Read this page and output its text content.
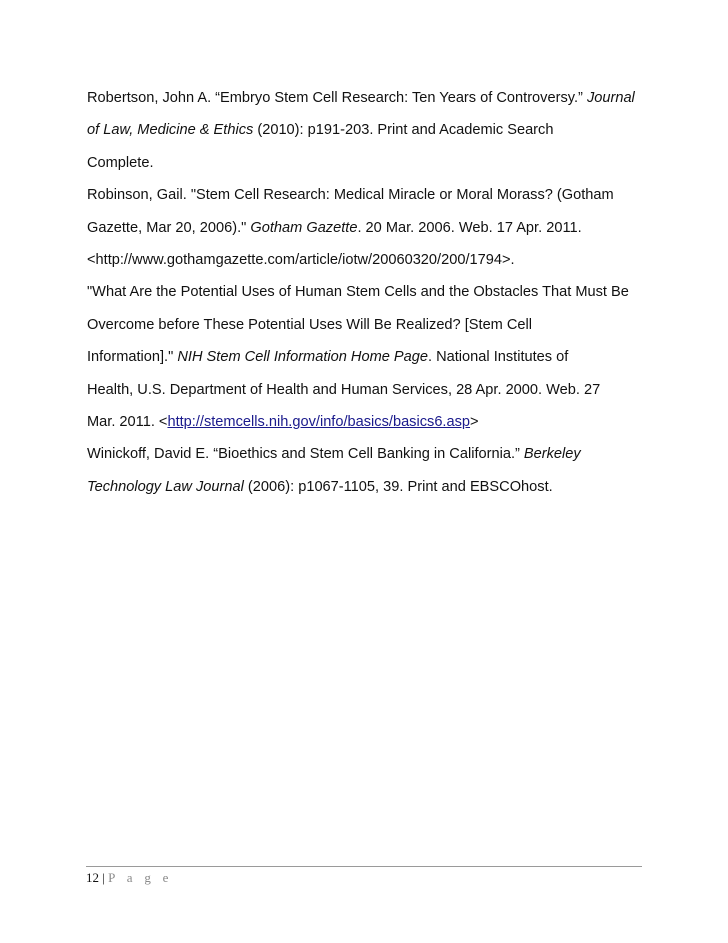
Robertson, John A. “Embryo Stem Cell Research: Ten Years of Controversy.” Journal
of Law, Medicine & Ethics (2010): p191-203. Print and Academic Search
Complete.

Robinson, Gail. "Stem Cell Research: Medical Miracle or Moral Morass? (Gotham
Gazette, Mar 20, 2006)." Gotham Gazette. 20 Mar. 2006. Web. 17 Apr. 2011.
<http://www.gothamgazette.com/article/iotw/20060320/200/1794>.

"What Are the Potential Uses of Human Stem Cells and the Obstacles That Must Be
Overcome before These Potential Uses Will Be Realized? [Stem Cell
Information]." NIH Stem Cell Information Home Page. National Institutes of
Health, U.S. Department of Health and Human Services, 28 Apr. 2000. Web. 27
Mar. 2011. <http://stemcells.nih.gov/info/basics/basics6.asp>

Winickoff, David E. “Bioethics and Stem Cell Banking in California.” Berkeley
Technology Law Journal (2006): p1067-1105, 39. Print and EBSCOhost.

12 | P a g e
